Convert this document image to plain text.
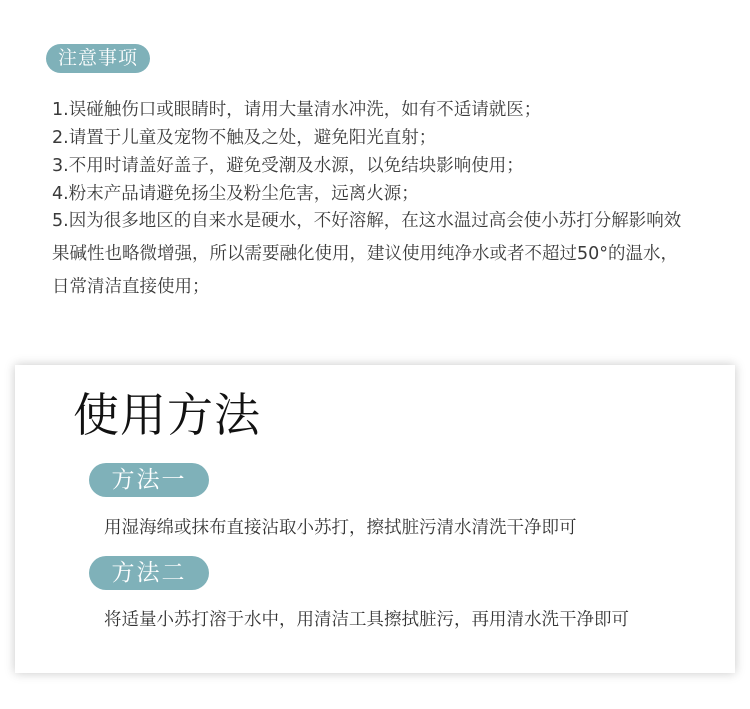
注意事项
1.误碰触伤口或眼睛时，请用大量清水冲洗，如有不适请就医；
2.请置于儿童及宠物不触及之处，避免阳光直射；
3.不用时请盖好盖子，避免受潮及水源，以免结块影响使用；
4.粉末产品请避免扬尘及粉尘危害，远离火源；
5.因为很多地区的自来水是硬水，不好溶解，在这水温过高会使小苏打分解影响效果碱性也略微增强，所以需要融化使用，建议使用纯净水或者不超过50°的温水，日常清洁直接使用；
使用方法
方法一

用湿海绵或抹布直接沾取小苏打，擦拭脏污清水清洗干净即可

方法二

将适量小苏打溶于水中，用清洁工具擦拭脏污，再用清水洗干净即可
